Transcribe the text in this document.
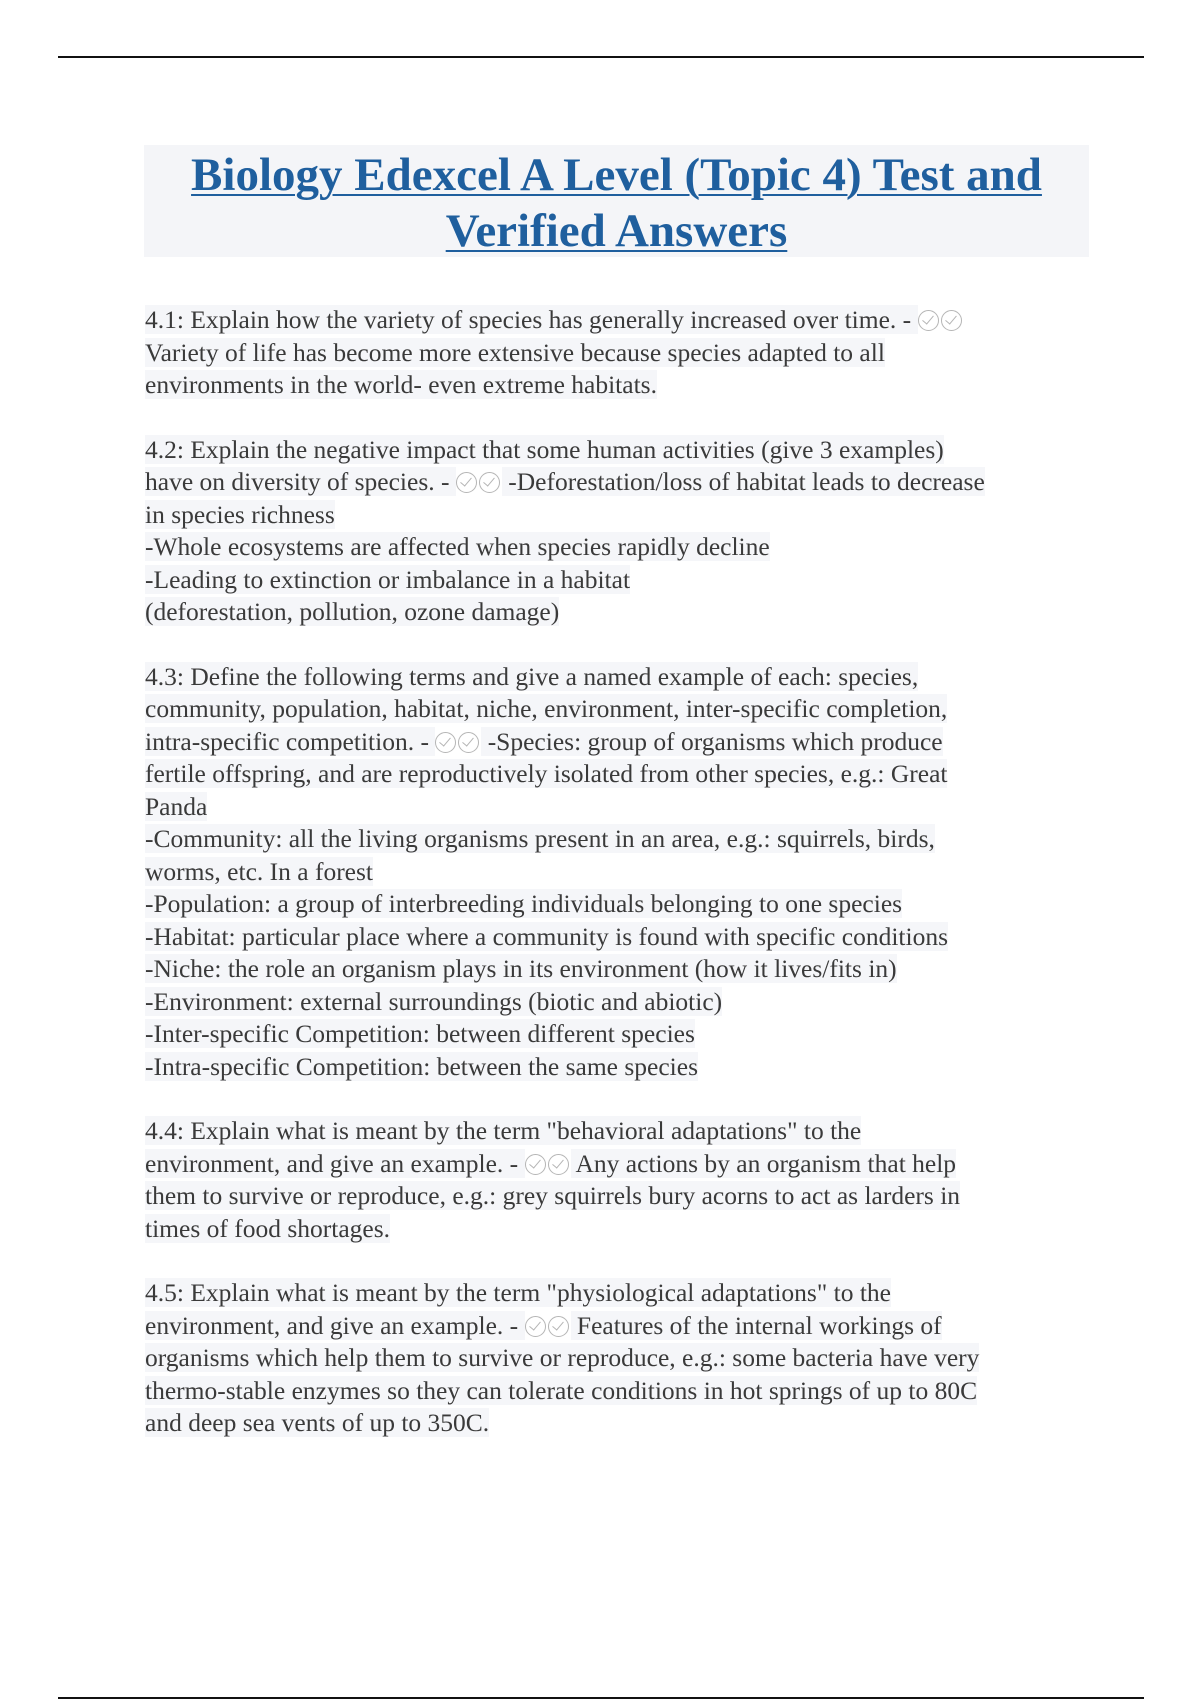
Biology Edexcel A Level (Topic 4) Test and
Verified Answers
4.1: Explain how the variety of species has generally increased over time. -
Variety of life has become more extensive because species adapted to all
environments in the world- even extreme habitats.
4.2: Explain the negative impact that some human activities (give 3 examples)
have on diversity of species. -  -Deforestation/loss of habitat leads to decrease
in species richness
-Whole ecosystems are affected when species rapidly decline
-Leading to extinction or imbalance in a habitat
(deforestation, pollution, ozone damage)
4.3: Define the following terms and give a named example of each: species,
community, population, habitat, niche, environment, inter-specific completion,
intra-specific competition. -  -Species: group of organisms which produce
fertile offspring, and are reproductively isolated from other species, e.g.: Great
Panda
-Community: all the living organisms present in an area, e.g.: squirrels, birds,
worms, etc. In a forest
-Population: a group of interbreeding individuals belonging to one species
-Habitat: particular place where a community is found with specific conditions
-Niche: the role an organism plays in its environment (how it lives/fits in)
-Environment: external surroundings (biotic and abiotic)
-Inter-specific Competition: between different species
-Intra-specific Competition: between the same species
4.4: Explain what is meant by the term "behavioral adaptations" to the
environment, and give an example. -  Any actions by an organism that help
them to survive or reproduce, e.g.: grey squirrels bury acorns to act as larders in
times of food shortages.
4.5: Explain what is meant by the term "physiological adaptations" to the
environment, and give an example. -  Features of the internal workings of
organisms which help them to survive or reproduce, e.g.: some bacteria have very
thermo-stable enzymes so they can tolerate conditions in hot springs of up to 80C
and deep sea vents of up to 350C.
